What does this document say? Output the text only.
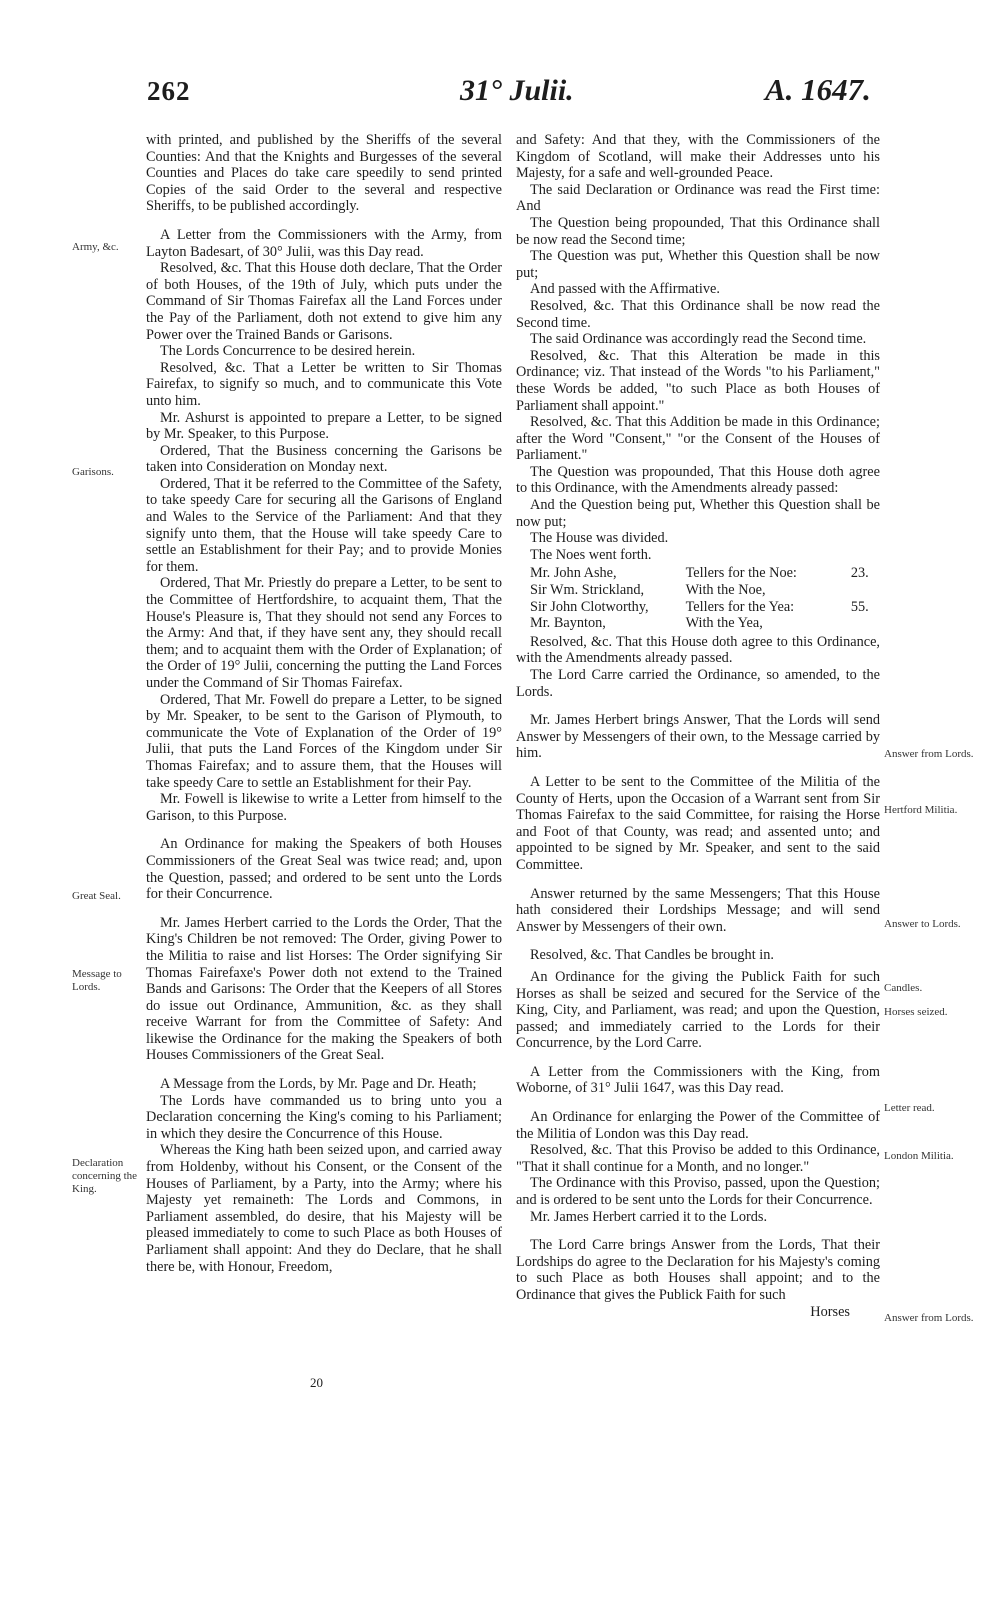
262	31° Julii.	A. 1647.

with printed, and published by the Sheriffs of the several Counties: And that the Knights and Burgesses of the several Counties and Places do take care speedily to send printed Copies of the said Order to the several and respective Sheriffs, to be published accordingly.

A Letter from the Commissioners with the Army, from Layton Badesart, of 30° Julii, was this Day read.

Resolved, &c. That this House doth declare, That the Order of both Houses, of the 19th of July, which puts under the Command of Sir Thomas Fairefax all the Land Forces under the Pay of the Parliament, doth not extend to give him any Power over the Trained Bands or Garisons.

The Lords Concurrence to be desired herein.

Resolved, &c. That a Letter be written to Sir Thomas Fairefax, to signify so much, and to communicate this Vote unto him.

Mr. Ashurst is appointed to prepare a Letter, to be signed by Mr. Speaker, to this Purpose.

Ordered, That the Business concerning the Garisons be taken into Consideration on Monday next.

Ordered, That it be referred to the Committee of the Safety, to take speedy Care for securing all the Garisons of England and Wales to the Service of the Parliament: And that they signify unto them, that the House will take speedy Care to settle an Establishment for their Pay; and to provide Monies for them.

Ordered, That Mr. Priestly do prepare a Letter, to be sent to the Committee of Hertfordshire, to acquaint them, That the House's Pleasure is, That they should not send any Forces to the Army: And that, if they have sent any, they should recall them; and to acquaint them with the Order of Explanation; of the Order of 19° Julii, concerning the putting the Land Forces under the Command of Sir Thomas Fairefax.

Ordered, That Mr. Fowell do prepare a Letter, to be signed by Mr. Speaker, to be sent to the Garison of Plymouth, to communicate the Vote of Explanation of the Order of 19° Julii, that puts the Land Forces of the Kingdom under Sir Thomas Fairefax; and to assure them, that the Houses will take speedy Care to settle an Establishment for their Pay.

Mr. Fowell is likewise to write a Letter from himself to the Garison, to this Purpose.

An Ordinance for making the Speakers of both Houses Commissioners of the Great Seal was twice read; and, upon the Question, passed; and ordered to be sent unto the Lords for their Concurrence.

Mr. James Herbert carried to the Lords the Order, That the King's Children be not removed: The Order, giving Power to the Militia to raise and list Horses: The Order signifying Sir Thomas Fairefaxe's Power doth not extend to the Trained Bands and Garisons: The Order that the Keepers of all Stores do issue out Ordinance, Ammunition, &c. as they shall receive Warrant for from the Committee of Safety: And likewise the Ordinance for the making the Speakers of both Houses Commissioners of the Great Seal.

A Message from the Lords, by Mr. Page and Dr. Heath;

The Lords have commanded us to bring unto you a Declaration concerning the King's coming to his Parliament; in which they desire the Concurrence of this House.

Whereas the King hath been seized upon, and carried away from Holdenby, without his Consent, or the Consent of the Houses of Parliament, by a Party, into the Army; where his Majesty yet remaineth: The Lords and Commons, in Parliament assembled, do desire, that his Majesty will be pleased immediately to come to such Place as both Houses of Parliament shall appoint: And they do Declare, that he shall there be, with Honour, Freedom,

and Safety: And that they, with the Commissioners of the Kingdom of Scotland, will make their Addresses unto his Majesty, for a safe and well-grounded Peace.

The said Declaration or Ordinance was read the First time: And

The Question being propounded, That this Ordinance shall be now read the Second time;

The Question was put, Whether this Question shall be now put;

And passed with the Affirmative.

Resolved, &c. That this Ordinance shall be now read the Second time.

The said Ordinance was accordingly read the Second time.

Resolved, &c. That this Alteration be made in this Ordinance; viz. That instead of the Words "to his Parliament," these Words be added, "to such Place as both Houses of Parliament shall appoint."

Resolved, &c. That this Addition be made in this Ordinance; after the Word "Consent," "or the Consent of the Houses of Parliament."

The Question was propounded, That this House doth agree to this Ordinance, with the Amendments already passed:

And the Question being put, Whether this Question shall be now put;

The House was divided.

The Noes went forth.

Mr. John Ashe,	Tellers for the Noe:	23.
Sir Wm. Strickland,	With the Noe,
Sir John Clotworthy,	Tellers for the Yea:	55.
Mr. Baynton,	With the Yea,

Resolved, &c. That this House doth agree to this Ordinance, with the Amendments already passed.

The Lord Carre carried the Ordinance, so amended, to the Lords.

Mr. James Herbert brings Answer, That the Lords will send Answer by Messengers of their own, to the Message carried by him.

A Letter to be sent to the Committee of the Militia of the County of Herts, upon the Occasion of a Warrant sent from Sir Thomas Fairefax to the said Committee, for raising the Horse and Foot of that County, was read; and assented unto; and appointed to be signed by Mr. Speaker, and sent to the said Committee.

Answer returned by the same Messengers; That this House hath considered their Lordships Message; and will send Answer by Messengers of their own.

Resolved, &c. That Candles be brought in.

An Ordinance for the giving the Publick Faith for such Horses as shall be seized and secured for the Service of the King, City, and Parliament, was read; and upon the Question, passed; and immediately carried to the Lords for their Concurrence, by the Lord Carre.

A Letter from the Commissioners with the King, from Woborne, of 31° Julii 1647, was this Day read.

An Ordinance for enlarging the Power of the Committee of the Militia of London was this Day read.

Resolved, &c. That this Proviso be added to this Ordinance, "That it shall continue for a Month, and no longer."

The Ordinance with this Proviso, passed, upon the Question; and is ordered to be sent unto the Lords for their Concurrence.

Mr. James Herbert carried it to the Lords.

The Lord Carre brings Answer from the Lords, That their Lordships do agree to the Declaration for his Majesty's coming to such Place as both Houses shall appoint; and to the Ordinance that gives the Publick Faith for such

Horses

20
Army, &c.
Garisons.
Great Seal.
Message to Lords.
Declaration concerning the King.
Answer from Lords.
Hertford Militia.
Answer to Lords.
Candles.
Horses seized.
Letter read.
London Militia.
Answer from Lords.
